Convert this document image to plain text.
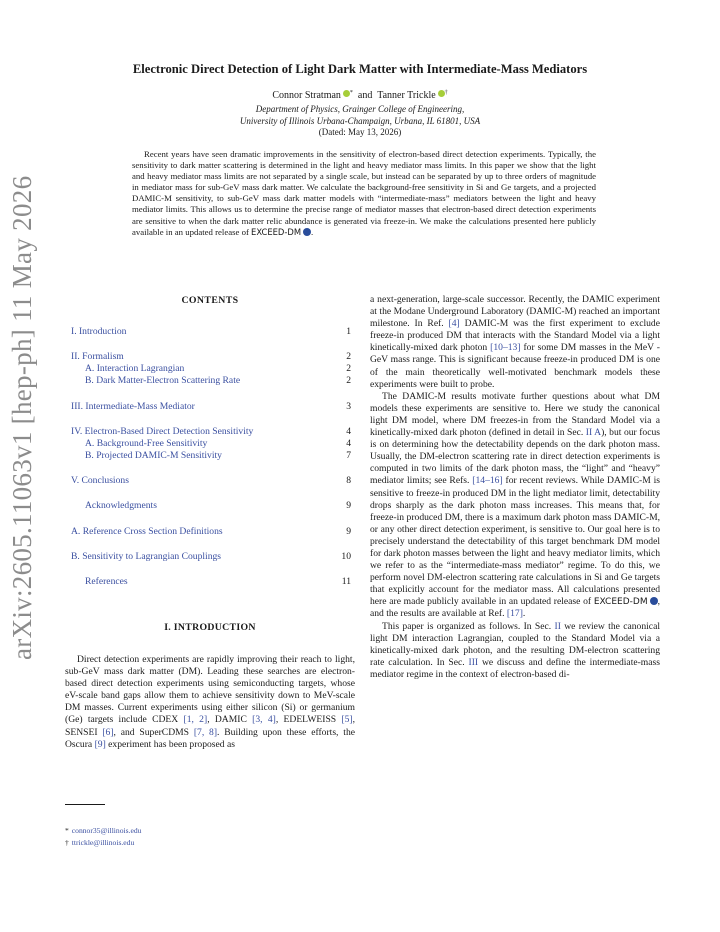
arXiv:2605.11063v1 [hep-ph] 11 May 2026
Electronic Direct Detection of Light Dark Matter with Intermediate-Mass Mediators
Connor Stratman * and Tanner Trickle †
Department of Physics, Grainger College of Engineering,
University of Illinois Urbana-Champaign, Urbana, IL 61801, USA
(Dated: May 13, 2026)
Recent years have seen dramatic improvements in the sensitivity of electron-based direct detection experiments. Typically, the sensitivity to dark matter scattering is determined in the light and heavy mediator mass limits. In this paper we show that the light and heavy mediator mass limits are not separated by a single scale, but instead can be separated by up to three orders of magnitude in mediator mass for sub-GeV mass dark matter. We calculate the background-free sensitivity in Si and Ge targets, and a projected DAMIC-M sensitivity, to sub-GeV mass dark matter models with “intermediate-mass” mediators between the light and heavy mediator limits. This allows us to determine the precise range of mediator masses that electron-based direct detection experiments are sensitive to when the dark matter relic abundance is generated via freeze-in. We make the calculations presented here publicly available in an updated release of EXCEED-DM .
CONTENTS
I. Introduction	1
II. Formalism	2
A. Interaction Lagrangian	2
B. Dark Matter-Electron Scattering Rate	2
III. Intermediate-Mass Mediator	3
IV. Electron-Based Direct Detection Sensitivity	4
A. Background-Free Sensitivity	4
B. Projected DAMIC-M Sensitivity	7
V. Conclusions	8
Acknowledgments	9
A. Reference Cross Section Definitions	9
B. Sensitivity to Lagrangian Couplings	10
References	11
I. INTRODUCTION

Direct detection experiments are rapidly improving their reach to light, sub-GeV mass dark matter (DM). Leading these searches are electron-based direct detection experiments using semiconducting targets, whose eV-scale band gaps allow them to achieve sensitivity down to MeV-scale DM masses. Current experiments using either silicon (Si) or germanium (Ge) targets include CDEX [1, 2], DAMIC [3, 4], EDELWEISS [5], SENSEI [6], and SuperCDMS [7, 8]. Building upon these efforts, the Oscura [9] experiment has been proposed as

* connor35@illinois.edu
† ttrickle@illinois.edu

a next-generation, large-scale successor. Recently, the DAMIC experiment at the Modane Underground Laboratory (DAMIC-M) reached an important milestone. In Ref. [4] DAMIC-M was the first experiment to exclude freeze-in produced DM that interacts with the Standard Model via a light kinetically-mixed dark photon [10–13] for some DM masses in the MeV - GeV mass range. This is significant because freeze-in produced DM is one of the main theoretically well-motivated benchmark models these experiments were built to probe.

The DAMIC-M results motivate further questions about what DM models these experiments are sensitive to. Here we study the canonical light DM model, where DM freezes-in from the Standard Model via a kinetically-mixed dark photon (defined in detail in Sec. II A), but our focus is on determining how the detectability depends on the dark photon mass. Usually, the DM-electron scattering rate in direct detection experiments is computed in two limits of the dark photon mass, the “light” and “heavy” mediator limits; see Refs. [14–16] for recent reviews. While DAMIC-M is sensitive to freeze-in produced DM in the light mediator limit, detectability drops sharply as the dark photon mass increases. This means that, for freeze-in produced DM, there is a maximum dark photon mass DAMIC-M, or any other direct detection experiment, is sensitive to. Our goal here is to precisely understand the detectability of this target benchmark DM model for dark photon masses between the light and heavy mediator limits, which we refer to as the “intermediate-mass mediator” regime. To do this, we perform novel DM-electron scattering rate calculations in Si and Ge targets that explicitly account for the mediator mass. All calculations presented here are made publicly available in an updated release of EXCEED-DM , and the results are available at Ref. [17].

This paper is organized as follows. In Sec. II we review the canonical light DM interaction Lagrangian, coupled to the Standard Model via a kinetically-mixed dark photon, and the resulting DM-electron scattering rate calculation. In Sec. III we discuss and define the intermediate-mass mediator regime in the context of electron-based di-
